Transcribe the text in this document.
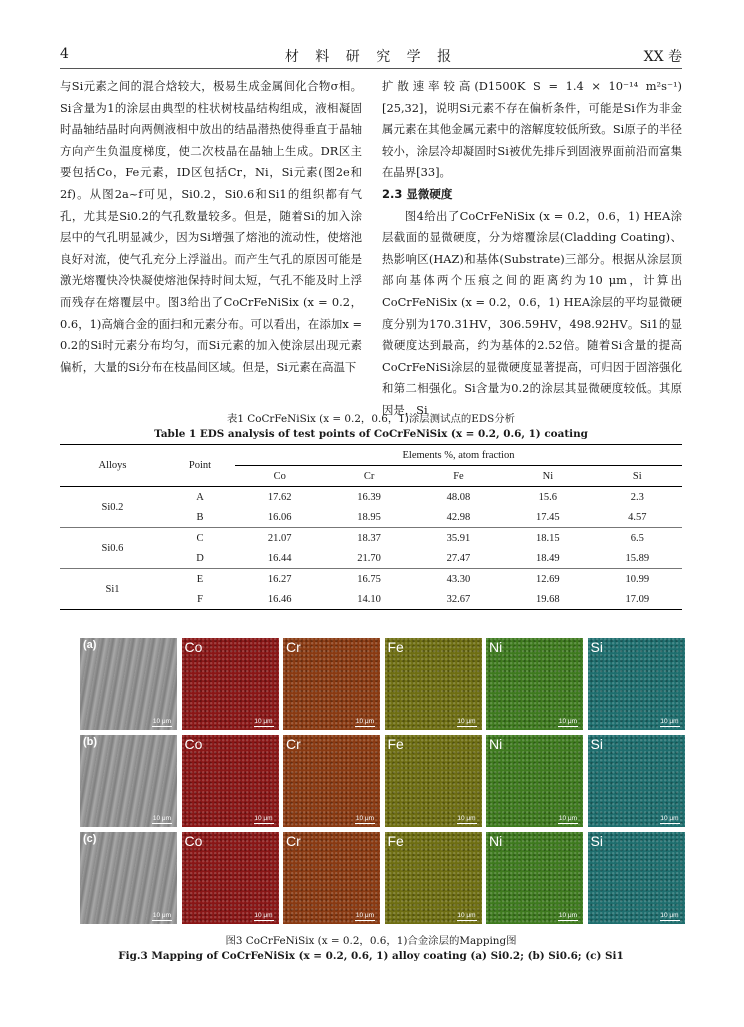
4	材 料 研 究 学 报	XX 卷

与Si元素之间的混合焓较大，极易生成金属间化合物σ相。Si含量为1的涂层由典型的柱状树枝晶结构组成，液相凝固时晶轴结晶时向两侧液相中放出的结晶潜热使得垂直于晶轴方向产生负温度梯度，使二次枝晶在晶轴上生成。DR区主要包括Co，Fe元素，ID区包括Cr，Ni，Si元素(图2e和2f)。从图2a~f可见，Si0.2，Si0.6和Si1的组织都有气孔，尤其是Si0.2的气孔数量较多。但是，随着Si的加入涂层中的气孔明显减少，因为Si增强了熔池的流动性，使熔池良好对流，使气孔充分上浮溢出。而产生气孔的原因可能是激光熔覆快冷快凝使熔池保持时间太短，气孔不能及时上浮而残存在熔覆层中。图3给出了CoCrFeNiSix (x = 0.2，0.6，1)高熵合金的面扫和元素分布。可以看出，在添加x = 0.2的Si时元素分布均匀，而Si元素的加入使涂层出现元素偏析，大量的Si分布在枝晶间区域。但是，Si元素在高温下

扩散速率较高(D1500K S = 1.4 × 10⁻¹⁴ m²s⁻¹)[25,32]，说明Si元素不存在偏析条件，可能是Si作为非金属元素在其他金属元素中的溶解度较低所致。Si原子的半径较小，涂层冷却凝固时Si被优先排斥到固液界面前沿而富集在晶界[33]。

2.3 显微硬度

图4给出了CoCrFeNiSix (x = 0.2，0.6，1) HEA涂层截面的显微硬度，分为熔覆涂层(Cladding Coating)、热影响区(HAZ)和基体(Substrate)三部分。根据从涂层顶部向基体两个压痕之间的距离约为10 μm，计算出CoCrFeNiSix (x = 0.2，0.6，1) HEA涂层的平均显微硬度分别为170.31HV，306.59HV，498.92HV。Si1的显微硬度达到最高，约为基体的2.52倍。随着Si含量的提高CoCrFeNiSi涂层的显微硬度显著提高，可归因于固溶强化和第二相强化。Si含量为0.2的涂层其显微硬度较低。其原因是，Si

表1 CoCrFeNiSix (x = 0.2，0.6，1)涂层测试点的EDS分析
Table 1 EDS analysis of test points of CoCrFeNiSix (x = 0.2, 0.6, 1) coating
Alloys	Point	Elements %, atom fraction				
		Co	Cr	Fe	Ni	Si
Si0.2	A	17.62	16.39	48.08	15.6	2.3
	B	16.06	18.95	42.98	17.45	4.57
Si0.6	C	21.07	18.37	35.91	18.15	6.5
	D	16.44	21.70	27.47	18.49	15.89
Si1	E	16.27	16.75	43.30	12.69	10.99
	F	16.46	14.10	32.67	19.68	17.09
(a)
10 μm
Co
10 μm
Cr
10 μm
Fe
10 μm
Ni
10 μm
Si
10 μm
(b)
10 μm
Co
10 μm
Cr
10 μm
Fe
10 μm
Ni
10 μm
Si
10 μm
(c)
10 μm
Co
10 μm
Cr
10 μm
Fe
10 μm
Ni
10 μm
Si
10 μm
图3 CoCrFeNiSix (x = 0.2，0.6，1)合金涂层的Mapping图
Fig.3 Mapping of CoCrFeNiSix (x = 0.2, 0.6, 1) alloy coating (a) Si0.2; (b) Si0.6; (c) Si1
